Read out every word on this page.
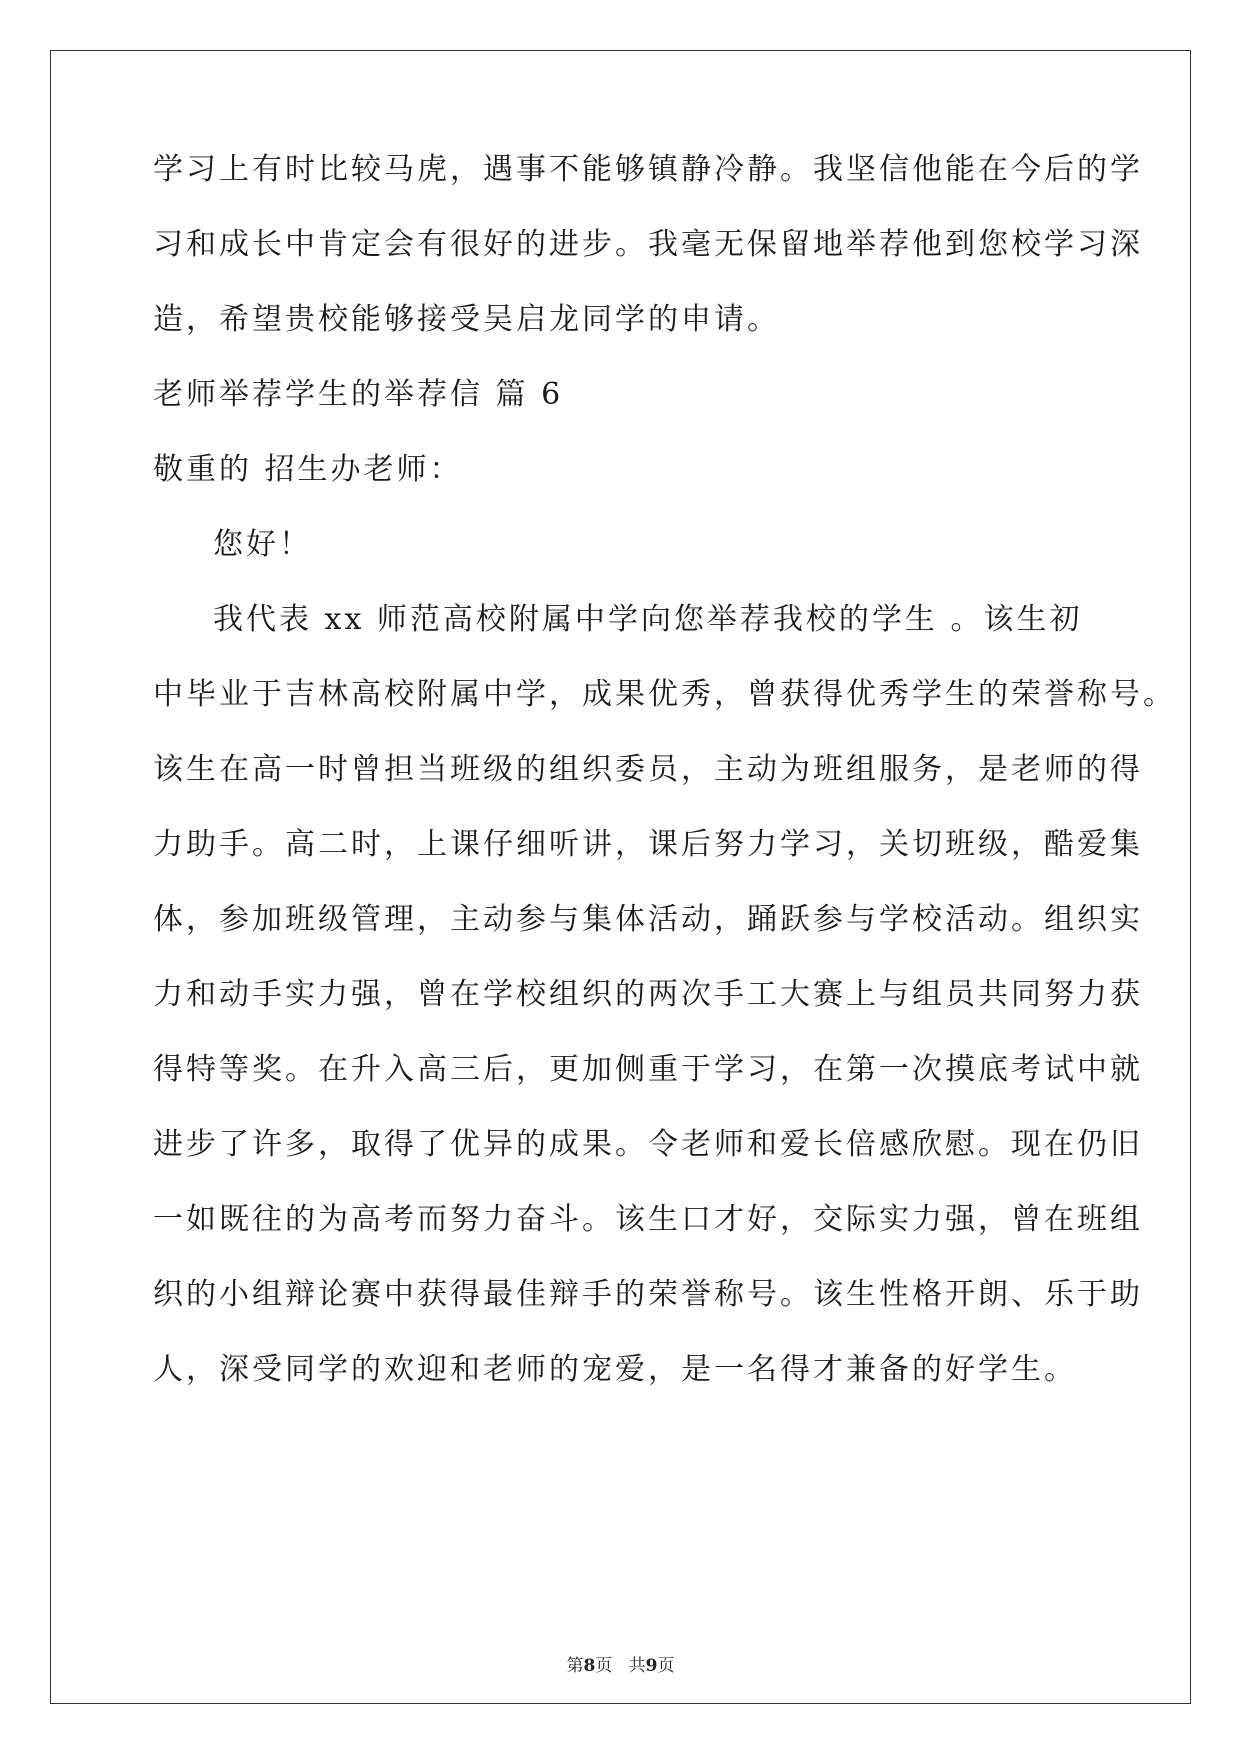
学习上有时比较马虎，遇事不能够镇静冷静。我坚信他能在今后的学
习和成长中肯定会有很好的进步。我毫无保留地举荐他到您校学习深
造，希望贵校能够接受吴启龙同学的申请。
老师举荐学生的举荐信 篇 6
敬重的 招生办老师：
您好！
我代表 xx 师范高校附属中学向您举荐我校的学生 。该生初
中毕业于吉林高校附属中学，成果优秀，曾获得优秀学生的荣誉称号。
该生在高一时曾担当班级的组织委员，主动为班组服务，是老师的得
力助手。高二时，上课仔细听讲，课后努力学习，关切班级，酷爱集
体，参加班级管理，主动参与集体活动，踊跃参与学校活动。组织实
力和动手实力强，曾在学校组织的两次手工大赛上与组员共同努力获
得特等奖。在升入高三后，更加侧重于学习，在第一次摸底考试中就
进步了许多，取得了优异的成果。令老师和爱长倍感欣慰。现在仍旧
一如既往的为高考而努力奋斗。该生口才好，交际实力强，曾在班组
织的小组辩论赛中获得最佳辩手的荣誉称号。该生性格开朗、乐于助
人，深受同学的欢迎和老师的宠爱，是一名得才兼备的好学生。
第8页 共9页
